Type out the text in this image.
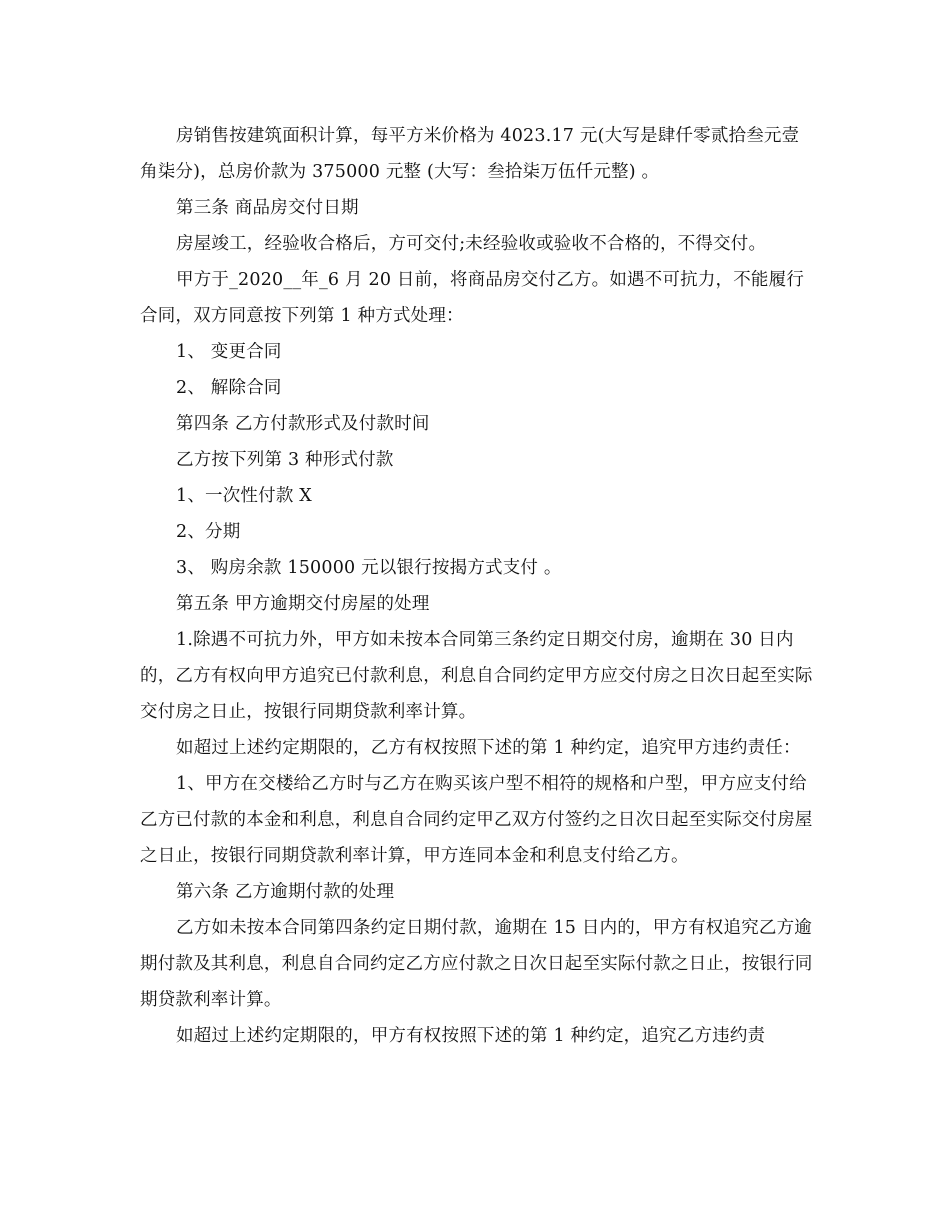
房销售按建筑面积计算，每平方米价格为 4023.17 元(大写是肆仟零贰拾叁元壹角柒分)，总房价款为 375000 元整 (大写：叁拾柒万伍仟元整) 。

第三条 商品房交付日期

房屋竣工，经验收合格后，方可交付;未经验收或验收不合格的，不得交付。

甲方于_2020__年_6 月 20 日前，将商品房交付乙方。如遇不可抗力，不能履行合同，双方同意按下列第 1 种方式处理：

1、 变更合同

2、 解除合同

第四条 乙方付款形式及付款时间

乙方按下列第 3 种形式付款

1、一次性付款 X

2、分期

3、 购房余款 150000 元以银行按揭方式支付 。

第五条 甲方逾期交付房屋的处理

1.除遇不可抗力外，甲方如未按本合同第三条约定日期交付房，逾期在 30 日内的，乙方有权向甲方追究已付款利息，利息自合同约定甲方应交付房之日次日起至实际交付房之日止，按银行同期贷款利率计算。

如超过上述约定期限的，乙方有权按照下述的第 1 种约定，追究甲方违约责任：

1、甲方在交楼给乙方时与乙方在购买该户型不相符的规格和户型，甲方应支付给乙方已付款的本金和利息，利息自合同约定甲乙双方付签约之日次日起至实际交付房屋之日止，按银行同期贷款利率计算，甲方连同本金和利息支付给乙方。

第六条 乙方逾期付款的处理

乙方如未按本合同第四条约定日期付款，逾期在 15 日内的，甲方有权追究乙方逾期付款及其利息，利息自合同约定乙方应付款之日次日起至实际付款之日止，按银行同期贷款利率计算。

如超过上述约定期限的，甲方有权按照下述的第 1 种约定，追究乙方违约责
